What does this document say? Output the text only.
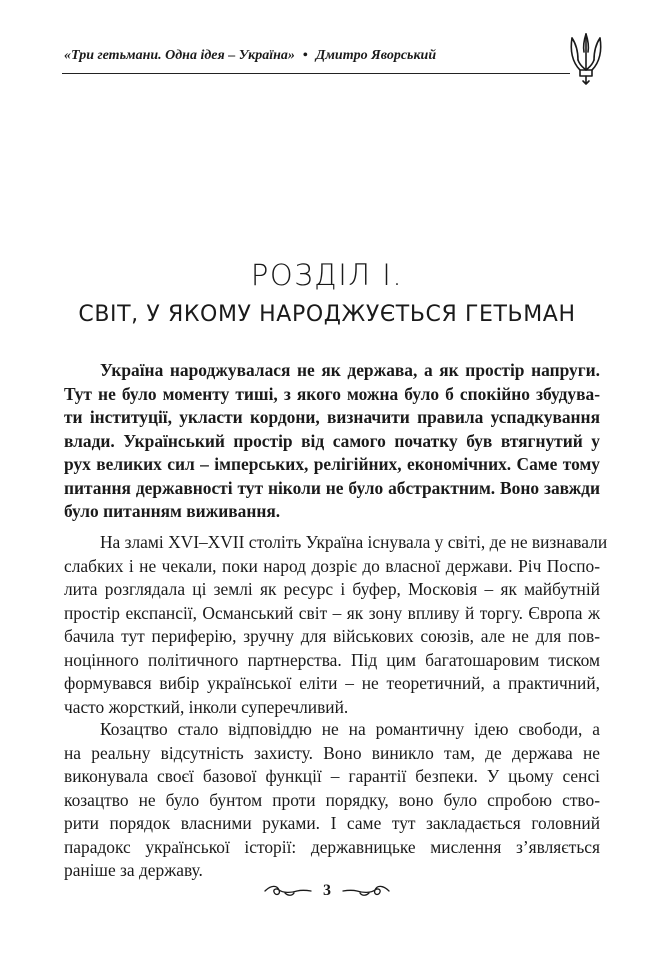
«Три гетьмани. Одна ідея – Україна» • Дмитро Яворський
РОЗДІЛ I.
СВІТ, У ЯКОМУ НАРОДЖУЄТЬСЯ ГЕТЬМАН
Україна народжувалася не як держава, а як простір напруги.
Тут не було моменту тиші, з якого можна було б спокійно збудува-
ти інституції, укласти кордони, визначити правила успадкування
влади. Український простір від самого початку був втягнутий у
рух великих сил – імперських, релігійних, економічних. Саме тому
питання державності тут ніколи не було абстрактним. Воно завжди
було питанням виживання.
На зламі XVI–XVII століть Україна існувала у світі, де не визнавали
слабких і не чекали, поки народ дозріє до власної держави. Річ Поспо-
лита розглядала ці землі як ресурс і буфер, Московія – як майбутній
простір експансії, Османський світ – як зону впливу й торгу. Європа ж
бачила тут периферію, зручну для військових союзів, але не для пов-
ноцінного політичного партнерства. Під цим багатошаровим тиском
формувався вибір української еліти – не теоретичний, а практичний,
часто жорсткий, інколи суперечливий.
Козацтво стало відповіддю не на романтичну ідею свободи, а
на реальну відсутність захисту. Воно виникло там, де держава не
виконувала своєї базової функції – гарантії безпеки. У цьому сенсі
козацтво не було бунтом проти порядку, воно було спробою ство-
рити порядок власними руками. І саме тут закладається головний
парадокс української історії: державницьке мислення з’являється
раніше за державу.
3
